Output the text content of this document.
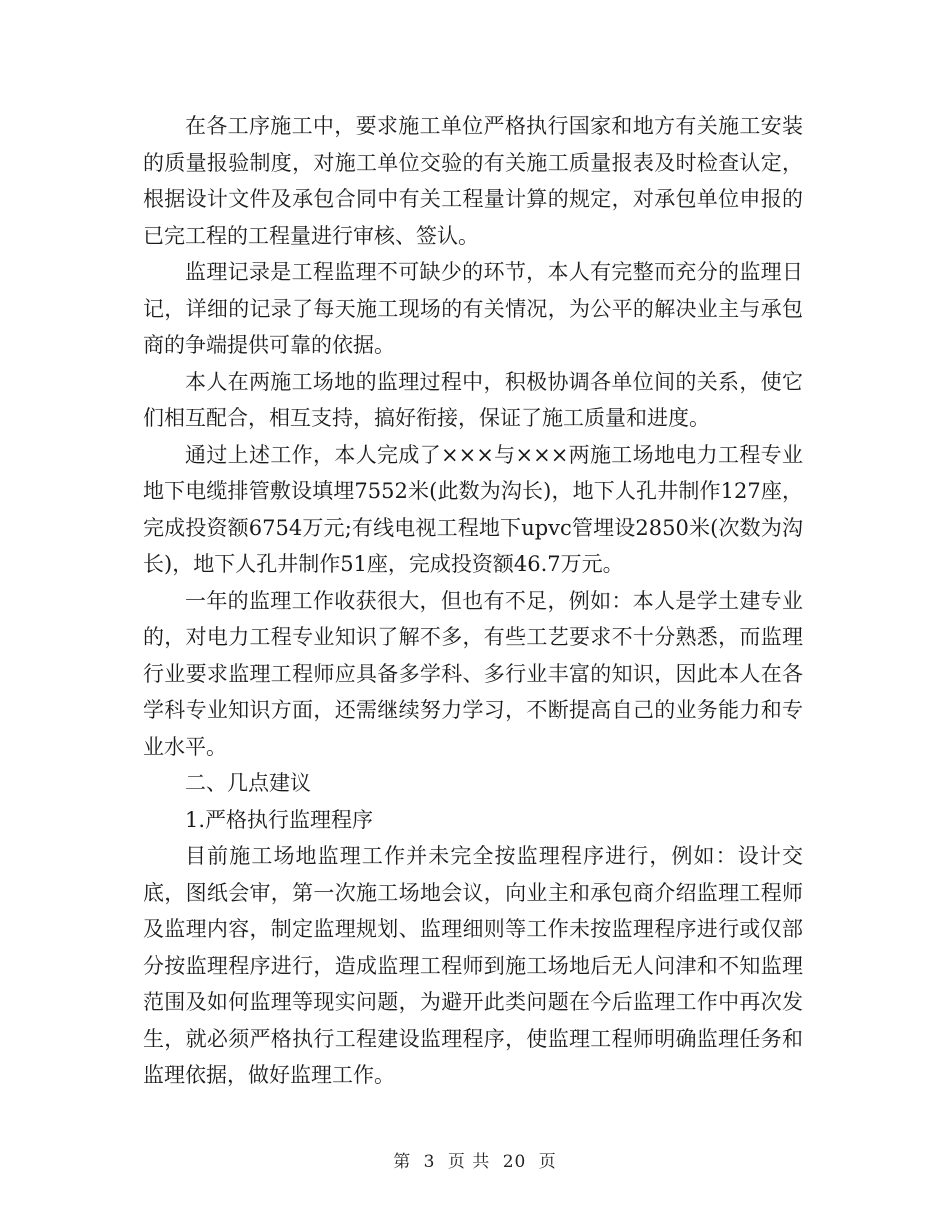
在各工序施工中，要求施工单位严格执行国家和地方有关施工安装的质量报验制度，对施工单位交验的有关施工质量报表及时检查认定，根据设计文件及承包合同中有关工程量计算的规定，对承包单位申报的已完工程的工程量进行审核、签认。

监理记录是工程监理不可缺少的环节，本人有完整而充分的监理日记，详细的记录了每天施工现场的有关情况，为公平的解决业主与承包商的争端提供可靠的依据。

本人在两施工场地的监理过程中，积极协调各单位间的关系，使它们相互配合，相互支持，搞好衔接，保证了施工质量和进度。

通过上述工作，本人完成了×××与×××两施工场地电力工程专业地下电缆排管敷设填埋7552米(此数为沟长)，地下人孔井制作127座，完成投资额6754万元;有线电视工程地下upvc管埋设2850米(次数为沟长)，地下人孔井制作51座，完成投资额46.7万元。

一年的监理工作收获很大，但也有不足，例如：本人是学土建专业的，对电力工程专业知识了解不多，有些工艺要求不十分熟悉，而监理行业要求监理工程师应具备多学科、多行业丰富的知识，因此本人在各学科专业知识方面，还需继续努力学习，不断提高自己的业务能力和专业水平。

二、几点建议

1.严格执行监理程序

目前施工场地监理工作并未完全按监理程序进行，例如：设计交底，图纸会审，第一次施工场地会议，向业主和承包商介绍监理工程师及监理内容，制定监理规划、监理细则等工作未按监理程序进行或仅部分按监理程序进行，造成监理工程师到施工场地后无人问津和不知监理范围及如何监理等现实问题，为避开此类问题在今后监理工作中再次发生，就必须严格执行工程建设监理程序，使监理工程师明确监理任务和监理依据，做好监理工作。

第 3 页 共 20 页
